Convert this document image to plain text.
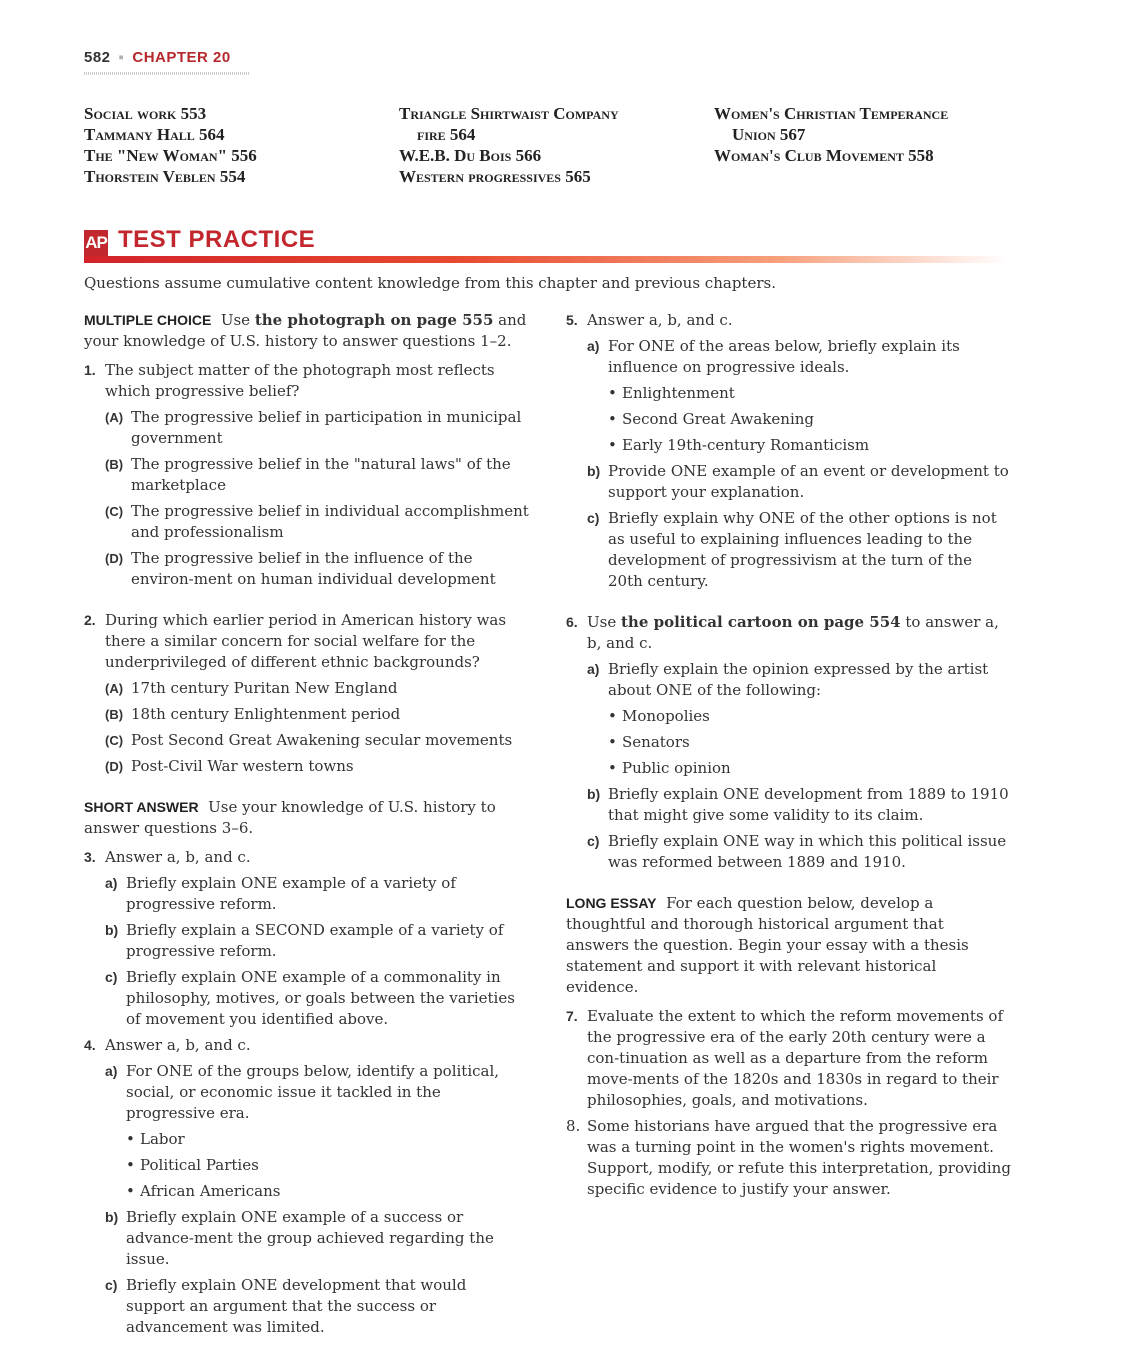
582 ▪ CHAPTER 20
Social work 553
Tammany Hall 564
The "New Woman" 556
Thorstein Veblen 554
Triangle Shirtwaist Company
fire 564
W.E.B. Du Bois 566
Western progressives 565
Women's Christian Temperance
Union 567
Woman's Club Movement 558
AP TEST PRACTICE
Questions assume cumulative content knowledge from this chapter and previous chapters.

MULTIPLE CHOICE Use the photograph on page 555 and your knowledge of U.S. history to answer questions 1–2.

1. The subject matter of the photograph most reflects which progressive belief?
(A) The progressive belief in participation in municipal government
(B) The progressive belief in the "natural laws" of the marketplace
(C) The progressive belief in individual accomplishment and professionalism
(D) The progressive belief in the influence of the environ-ment on human individual development
2. During which earlier period in American history was there a similar concern for social welfare for the underprivileged of different ethnic backgrounds?
(A) 17th century Puritan New England
(B) 18th century Enlightenment period
(C) Post Second Great Awakening secular movements
(D) Post-Civil War western towns

SHORT ANSWER Use your knowledge of U.S. history to answer questions 3–6.

3. Answer a, b, and c.
a) Briefly explain ONE example of a variety of progressive reform.
b) Briefly explain a SECOND example of a variety of progressive reform.
c) Briefly explain ONE example of a commonality in philosophy, motives, or goals between the varieties of movement you identified above.
4. Answer a, b, and c.
a) For ONE of the groups below, identify a political, social, or economic issue it tackled in the progressive era.
• Labor
• Political Parties
• African Americans
b) Briefly explain ONE example of a success or advance-ment the group achieved regarding the issue.
c) Briefly explain ONE development that would support an argument that the success or advancement was limited.
5. Answer a, b, and c.
a) For ONE of the areas below, briefly explain its influence on progressive ideals.
• Enlightenment
• Second Great Awakening
• Early 19th-century Romanticism
b) Provide ONE example of an event or development to support your explanation.
c) Briefly explain why ONE of the other options is not as useful to explaining influences leading to the development of progressivism at the turn of the 20th century.
6. Use the political cartoon on page 554 to answer a, b, and c.
a) Briefly explain the opinion expressed by the artist about ONE of the following:
• Monopolies
• Senators
• Public opinion
b) Briefly explain ONE development from 1889 to 1910 that might give some validity to its claim.
c) Briefly explain ONE way in which this political issue was reformed between 1889 and 1910.

LONG ESSAY For each question below, develop a thoughtful and thorough historical argument that answers the question. Begin your essay with a thesis statement and support it with relevant historical evidence.

7. Evaluate the extent to which the reform movements of the progressive era of the early 20th century were a con-tinuation as well as a departure from the reform move-ments of the 1820s and 1830s in regard to their philosophies, goals, and motivations.
8. Some historians have argued that the progressive era was a turning point in the women's rights movement. Support, modify, or refute this interpretation, providing specific evidence to justify your answer.
